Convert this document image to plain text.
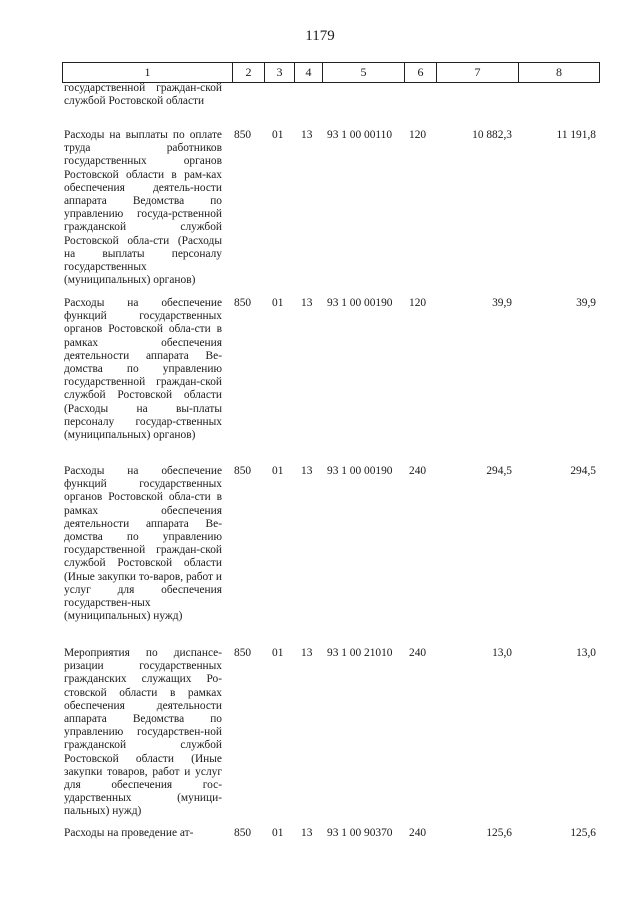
1179
1	2	3	4	5	6	7	8
государственной граждан-ской службой Ростовской области
Расходы на выплаты по оплате труда работников государственных органов Ростовской области в рам-ках обеспечения деятель-ности аппарата Ведомства по управлению госуда-рственной гражданской службой Ростовской обла-сти (Расходы на выплаты персоналу государственных (муниципальных) органов)
850	01	13	93 1 00 00110	120	10 882,3	11 191,8
Расходы на обеспечение функций государственных органов Ростовской обла-сти в рамках обеспечения деятельности аппарата Ве-домства по управлению государственной граждан-ской службой Ростовской области (Расходы на вы-платы персоналу государ-ственных (муниципальных) органов)
850	01	13	93 1 00 00190	120	39,9	39,9
Расходы на обеспечение функций государственных органов Ростовской обла-сти в рамках обеспечения деятельности аппарата Ве-домства по управлению государственной граждан-ской службой Ростовской области (Иные закупки то-варов, работ и услуг для обеспечения государствен-ных (муниципальных) нужд)
850	01	13	93 1 00 00190	240	294,5	294,5
Мероприятия по диспансе-ризации государственных гражданских служащих Ро-стовской области в рамках обеспечения деятельности аппарата Ведомства по управлению государствен-ной гражданской службой Ростовской области (Иные закупки товаров, работ и услуг для обеспечения гос-ударственных (муници-пальных) нужд)
850	01	13	93 1 00 21010	240	13,0	13,0
Расходы на проведение ат-	850	01	13	93 1 00 90370	240	125,6	125,6
